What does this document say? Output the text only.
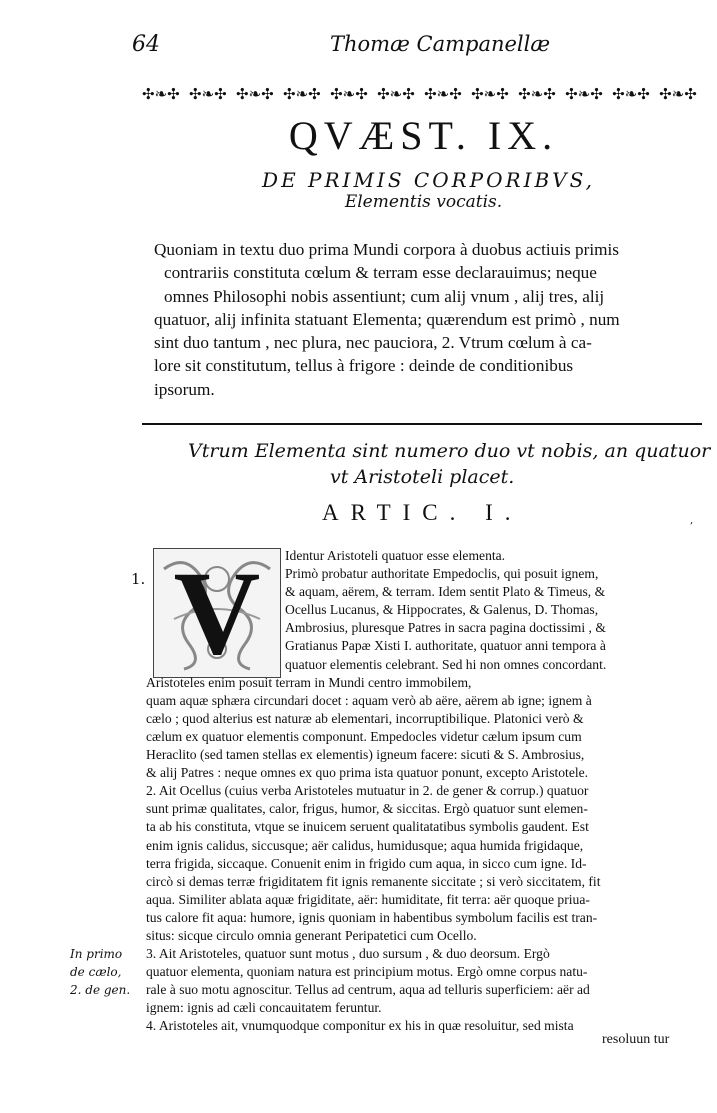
64	Thomæ Campanellæ
✣❧✣ ✣❧✣ ✣❧✣ ✣❧✣ ✣❧✣ ✣❧✣ ✣❧✣ ✣❧✣ ✣❧✣ ✣❧✣ ✣❧✣ ✣❧✣
QVÆST. IX.
DE PRIMIS CORPORIBVS,
Elementis vocatis.
Quoniam in textu duo prima Mundi corpora à duobus actiuis primis
contrariis constituta cœlum & terram esse declarauimus; neque
omnes Philosophi nobis assentiunt; cum alij vnum , alij tres, alij
quatuor, alij infinita statuant Elementa; quærendum est primò , num
sint duo tantum , nec plura, nec pauciora, 2. Vtrum cœlum à ca-
lore sit constitutum, tellus à frigore : deinde de conditionibus
ipsorum.
Vtrum Elementa sint numero duo vt nobis, an quatuor
vt Aristoteli placet.
ARTIC. I.	,
1. V	Identur Aristoteli quatuor esse elementa.
Primò probatur authoritate Empedoclis, qui posuit ignem,
& aquam, aërem, & terram. Idem sentit Plato & Timeus, &
Ocellus Lucanus, & Hippocrates, & Galenus, D. Thomas,
Ambrosius, pluresque Patres in sacra pagina doctissimi , &
Gratianus Papæ Xisti I. authoritate, quatuor anni tempora à
quatuor elementis celebrant. Sed hi non omnes concordant.
Aristoteles enim posuit terram in Mundi centro immobilem,
quam aquæ sphæra circundari docet : aquam verò ab aëre, aërem ab igne; ignem à
cælo ; quod alterius est naturæ ab elementari, incorruptibilique. Platonici verò &
cælum ex quatuor elementis componunt. Empedocles videtur cælum ipsum cum
Heraclito (sed tamen stellas ex elementis) igneum facere: sicuti & S. Ambrosius,
& alij Patres : neque omnes ex quo prima ista quatuor ponunt, excepto Aristotele.
2. Ait Ocellus (cuius verba Aristoteles mutuatur in 2. de gener & corrup.) quatuor
sunt primæ qualitates, calor, frigus, humor, & siccitas. Ergò quatuor sunt elemen-
ta ab his constituta, vtque se inuicem seruent qualitatatibus symbolis gaudent. Est
enim ignis calidus, siccusque; aër calidus, humidusque; aqua humida frigidaque,
terra frigida, siccaque. Conuenit enim in frigido cum aqua, in sicco cum igne. Id-
circò si demas terræ frigiditatem fit ignis remanente siccitate ; si verò siccitatem, fit
aqua. Similiter ablata aquæ frigiditate, aër: humiditate, fit terra: aër quoque priua-
tus calore fit aqua: humore, ignis quoniam in habentibus symbolum facilis est tran-
situs: sicque circulo omnia generant Peripatetici cum Ocello.
3. Ait Aristoteles, quatuor sunt motus , duo sursum , & duo deorsum. Ergò
quatuor elementa, quoniam natura est principium motus. Ergò omne corpus natu-
rale à suo motu agnoscitur. Tellus ad centrum, aqua ad telluris superficiem: aër ad
ignem: ignis ad cæli concauitatem feruntur.
4. Aristoteles ait, vnumquodque componitur ex his in quæ resoluitur, sed mista
In primo
de cælo,
2. de gen.
resoluun tur
